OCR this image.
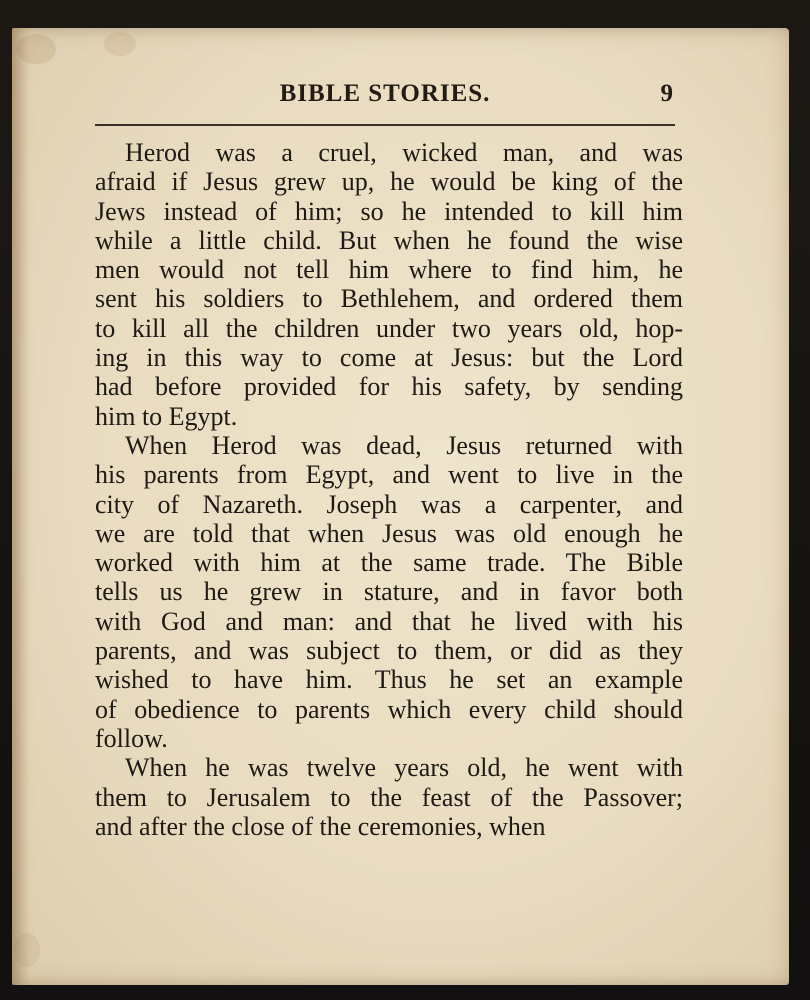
BIBLE STORIES.	9
Herod was a cruel, wicked man, and was
afraid if Jesus grew up, he would be king of the
Jews instead of him; so he intended to kill him
while a little child. But when he found the wise
men would not tell him where to find him, he
sent his soldiers to Bethlehem, and ordered them
to kill all the children under two years old, hop-
ing in this way to come at Jesus: but the Lord
had before provided for his safety, by sending
him to Egypt.
When Herod was dead, Jesus returned with
his parents from Egypt, and went to live in the
city of Nazareth. Joseph was a carpenter, and
we are told that when Jesus was old enough he
worked with him at the same trade. The Bible
tells us he grew in stature, and in favor both
with God and man: and that he lived with his
parents, and was subject to them, or did as they
wished to have him. Thus he set an example
of obedience to parents which every child should
follow.
When he was twelve years old, he went with
them to Jerusalem to the feast of the Passover;
and after the close of the ceremonies, when
